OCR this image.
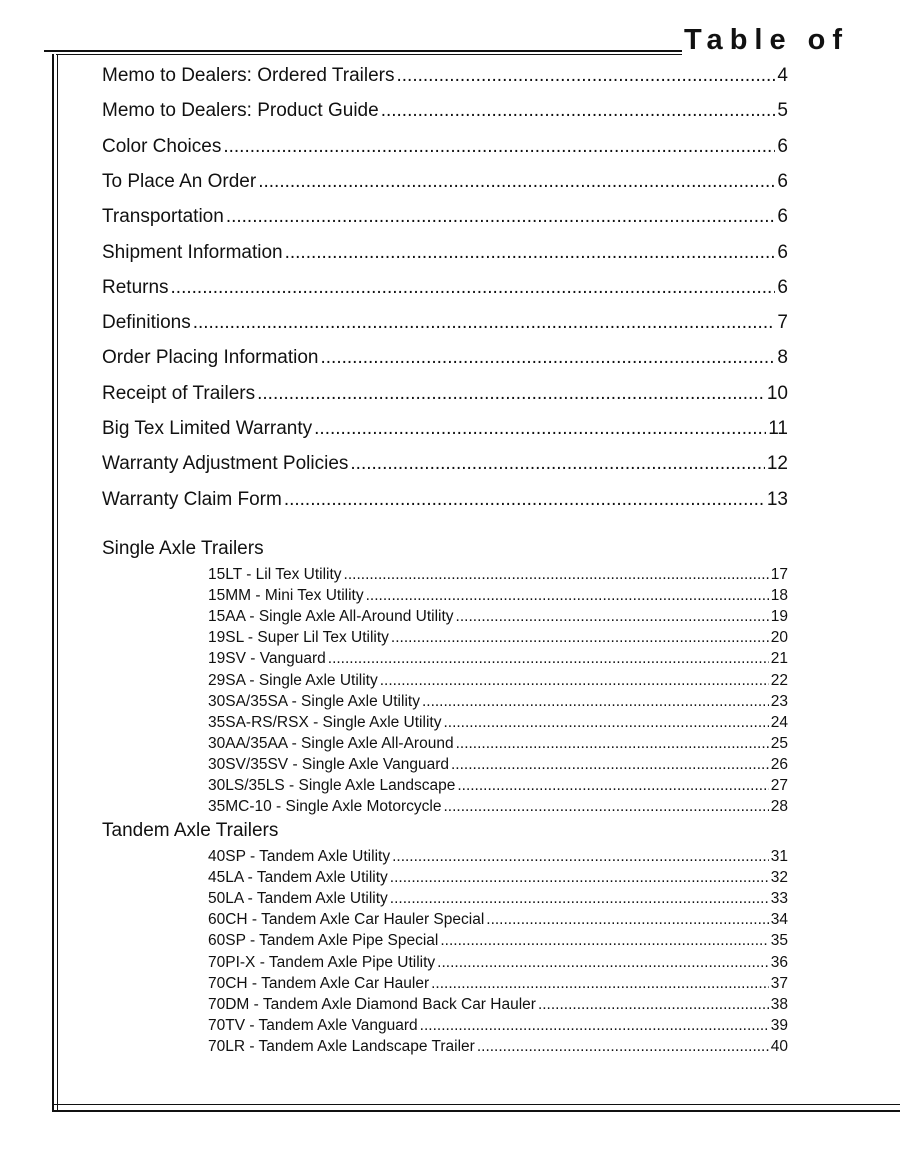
Table of
Memo to Dealers: Ordered Trailers .....	4
Memo to Dealers: Product Guide .....	5
Color Choices .....	6
To Place An Order .....	6
Transportation .....	6
Shipment Information .....	6
Returns .....	6
Definitions .....	7
Order Placing Information .....	8
Receipt of Trailers .....	10
Big Tex Limited Warranty .....	11
Warranty Adjustment Policies .....	12
Warranty Claim Form .....	13
Single Axle Trailers
15LT - Lil Tex Utility .....	17
15MM - Mini Tex Utility .....	18
15AA - Single Axle All-Around Utility .....	19
19SL - Super Lil Tex Utility .....	20
19SV - Vanguard .....	21
29SA - Single Axle Utility .....	22
30SA/35SA - Single Axle Utility .....	23
35SA-RS/RSX - Single Axle Utility .....	24
30AA/35AA - Single Axle All-Around .....	25
30SV/35SV - Single Axle Vanguard .....	26
30LS/35LS - Single Axle Landscape .....	27
35MC-10 - Single Axle Motorcycle .....	28
Tandem Axle Trailers
40SP - Tandem Axle Utility .....	31
45LA - Tandem Axle Utility .....	32
50LA - Tandem Axle Utility .....	33
60CH - Tandem Axle Car Hauler Special .....	34
60SP - Tandem Axle Pipe Special .....	35
70PI-X - Tandem Axle Pipe Utility .....	36
70CH - Tandem Axle Car Hauler .....	37
70DM - Tandem Axle Diamond Back Car Hauler .....	38
70TV - Tandem Axle Vanguard .....	39
70LR - Tandem Axle Landscape Trailer .....	40
